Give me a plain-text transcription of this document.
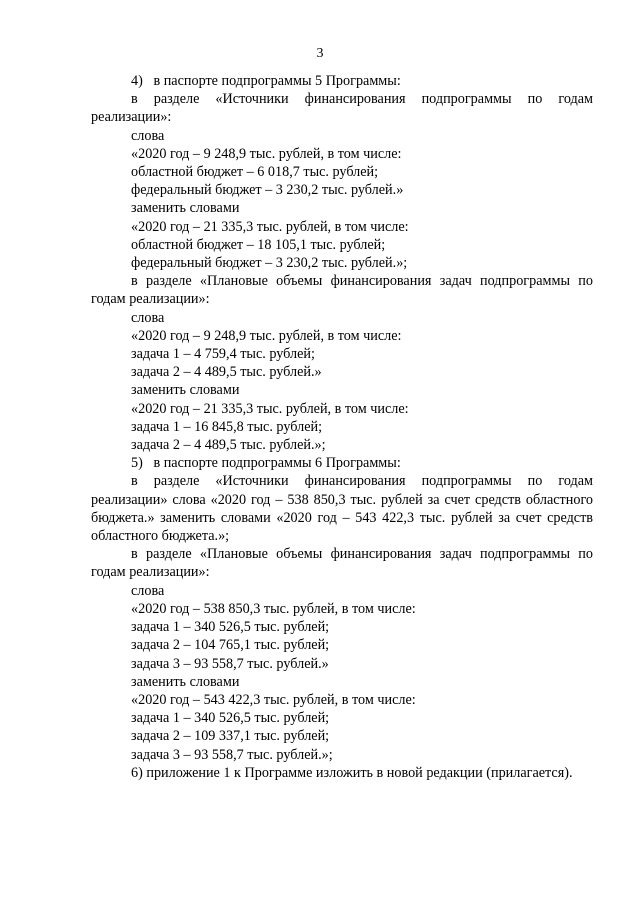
3

4)   в паспорте подпрограммы 5 Программы:

в разделе «Источники финансирования подпрограммы по годам реализации»:

слова

«2020 год – 9 248,9 тыс. рублей, в том числе:

областной бюджет – 6 018,7 тыс. рублей;

федеральный бюджет – 3 230,2 тыс. рублей.»

заменить словами

«2020 год – 21 335,3 тыс. рублей, в том числе:

областной бюджет – 18 105,1 тыс. рублей;

федеральный бюджет – 3 230,2 тыс. рублей.»;

в разделе «Плановые объемы финансирования задач подпрограммы по годам реализации»:

слова

«2020 год – 9 248,9 тыс. рублей, в том числе:

задача 1 – 4 759,4 тыс. рублей;

задача 2 – 4 489,5 тыс. рублей.»

заменить словами

«2020 год – 21 335,3 тыс. рублей, в том числе:

задача 1 – 16 845,8 тыс. рублей;

задача 2 – 4 489,5 тыс. рублей.»;

5)   в паспорте подпрограммы 6 Программы:

в разделе «Источники финансирования подпрограммы по годам реализации» слова «2020 год – 538 850,3 тыс. рублей за счет средств областного бюджета.» заменить словами «2020 год – 543 422,3 тыс. рублей за счет средств областного бюджета.»;

в разделе «Плановые объемы финансирования задач подпрограммы по годам реализации»:

слова

«2020 год – 538 850,3 тыс. рублей, в том числе:

задача 1 – 340 526,5 тыс. рублей;

задача 2 – 104 765,1 тыс. рублей;

задача 3 – 93 558,7 тыс. рублей.»

заменить словами

«2020 год – 543 422,3 тыс. рублей, в том числе:

задача 1 – 340 526,5 тыс. рублей;

задача 2 – 109 337,1 тыс. рублей;

задача 3 – 93 558,7 тыс. рублей.»;

6) приложение 1 к Программе изложить в новой редакции (прилагается).
